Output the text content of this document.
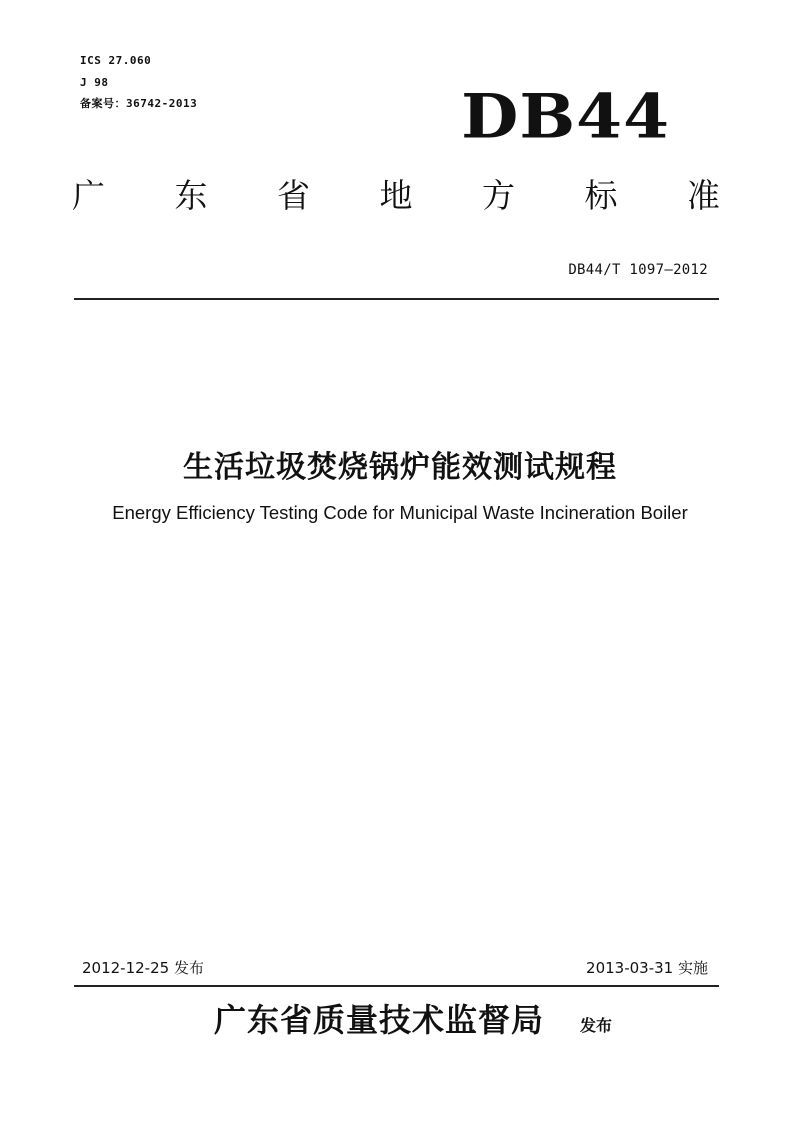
ICS 27.060
J 98
备案号：36742-2013	DB44
广 东 省 地 方 标 准
DB44/T 1097—2012
生活垃圾焚烧锅炉能效测试规程
Energy Efficiency Testing Code for Municipal Waste Incineration Boiler
2012-12-25 发布	2013-03-31 实施
广东省质量技术监督局 发布
